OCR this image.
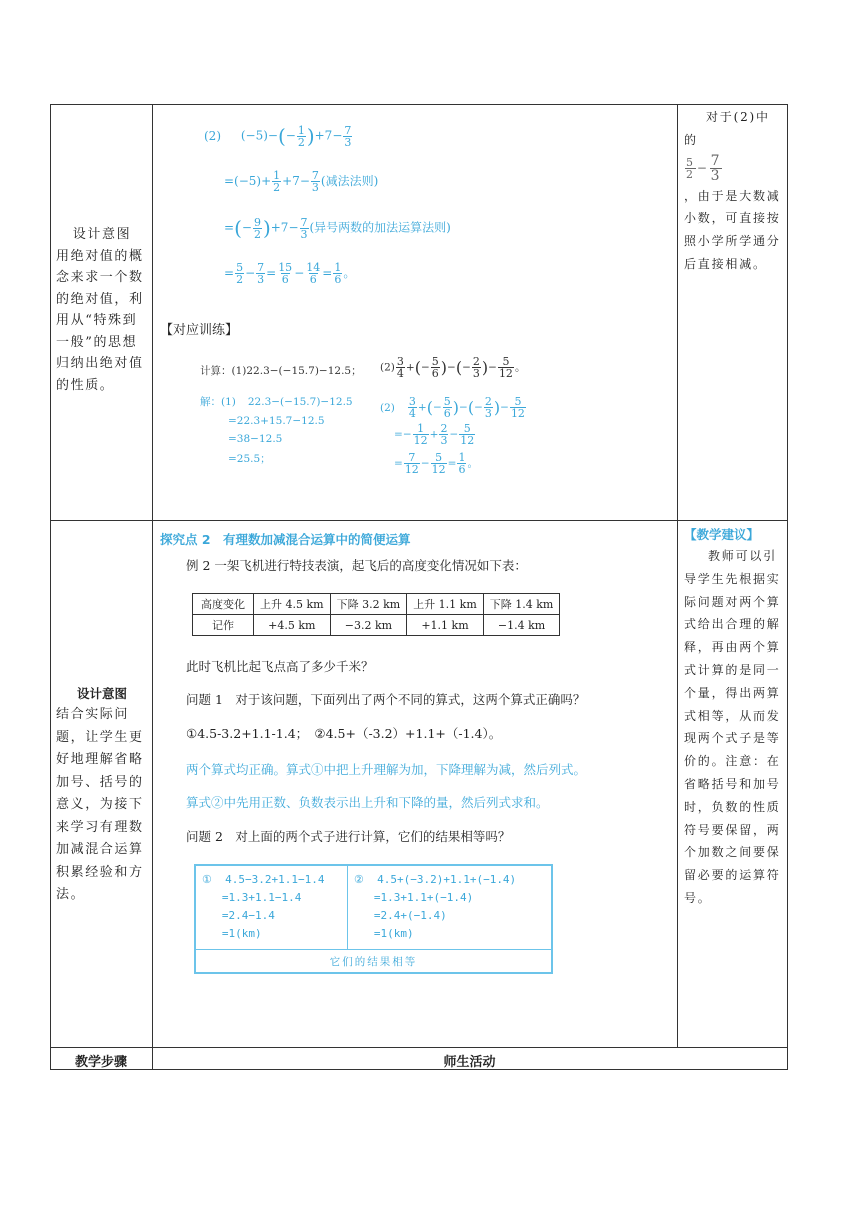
设计意图
用绝对值的概念来求一个数的绝对值，利用从“特殊到一般”的思想归纳出绝对值的性质。
(2) $(-5)-(- \frac{1}{2} )+7- \frac{7}{3}$
$=(-5)+ \frac{1}{2} +7- \frac{7}{3}$ (减法法则)
=(− $\frac{9}{2} )+7- \frac{7}{3}$ (异号两数的加法运算法则)
= $\frac{5}{2} - \frac{7}{3} = \frac{15}{6} - \frac{14}{6} = \frac{1}{6}$ 。
【对应训练】
计算：(1)22.3−(−15.7)−12.5； $(2) \frac{3}{4}$ +(− $\frac{5}{6}$ )−(− $\frac{2}{3}$ )− $\frac{5}{12}$ 。
解：(1) 22.3−(−15.7)−12.5
=22.3+15.7−12.5
=38−12.5
=25.5；
$(2) \frac{3}{4}$ +(− $\frac{5}{6}$ )−(− $\frac{2}{3}$ )− $\frac{5}{12}$
=− $\frac{1}{12} + \frac{2}{3} - \frac{5}{12}$
= $\frac{7}{12} - \frac{5}{12} = \frac{1}{6}$ 。
对于(2)中的
$\frac{5}{2} - \frac{7}{3}$
，由于是大数减小数，可直接按照小学所学通分后直接相减。
设计意图
结合实际问题，让学生更好地理解省略加号、括号的意义，为接下来学习有理数加减混合运算积累经验和方法。
探究点 2　有理数加减混合运算中的简便运算
例 2 一架飞机进行特技表演，起飞后的高度变化情况如下表：
高度变化	上升 4.5 km	下降 3.2 km	上升 1.1 km	下降 1.4 km
记作	+4.5 km	−3.2 km	+1.1 km	−1.4 km
此时飞机比起飞点高了多少千米？
问题 1　对于该问题，下面列出了两个不同的算式，这两个算式正确吗？
①4.5-3.2+1.1-1.4；　②4.5+（-3.2）+1.1+（-1.4）。
两个算式均正确。算式①中把上升理解为加，下降理解为减，然后列式。
算式②中先用正数、负数表示出上升和下降的量，然后列式求和。
问题 2　对上面的两个式子进行计算，它们的结果相等吗？
①  4.5−3.2+1.1−1.4
=1.3+1.1−1.4
=2.4−1.4
=1(km)
②  4.5+(−3.2)+1.1+(−1.4)
=1.3+1.1+(−1.4)
=2.4+(−1.4)
=1(km)
它们的结果相等
【教学建议】
教师可以引导学生先根据实际问题对两个算式给出合理的解释，再由两个算式计算的是同一个量，得出两算式相等，从而发现两个式子是等价的。注意：在省略括号和加号时，负数的性质符号要保留，两个加数之间要保留必要的运算符号。
教学步骤	师生活动
